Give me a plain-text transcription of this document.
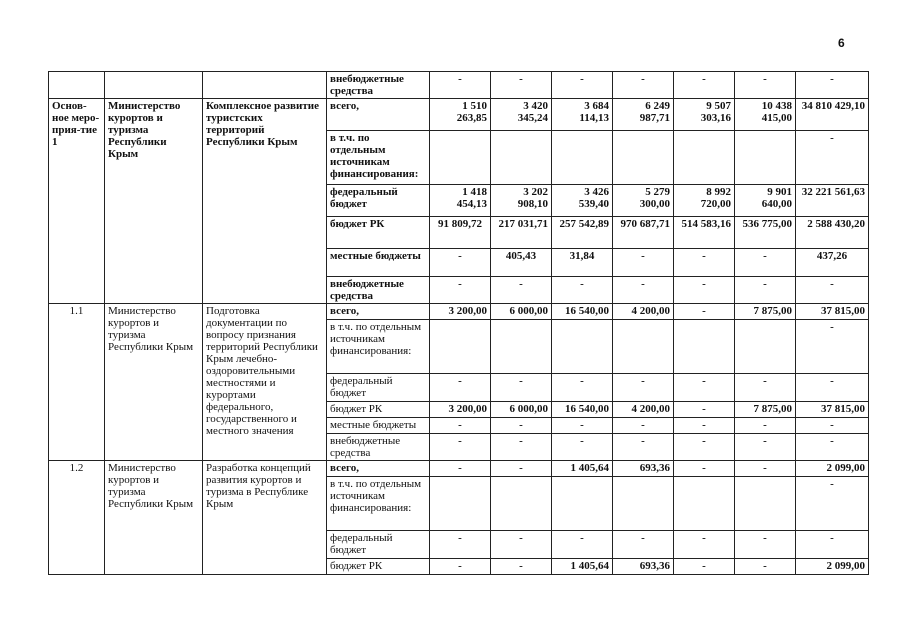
6
			внебюджетные средства	-	-	-	-	-	-	-
Основ-ное меро-прия-тие 1	Министерство курортов и туризма Республики Крым	Комплексное развитие туристских территорий Республики Крым	всего,	1 510 263,85	3 420 345,24	3 684 114,13	6 249 987,71	9 507 303,16	10 438 415,00	34 810 429,10
			в т.ч. по отдельным источникам финансирования:							-
			федеральный бюджет	1 418 454,13	3 202 908,10	3 426 539,40	5 279 300,00	8 992 720,00	9 901 640,00	32 221 561,63
			бюджет РК	91 809,72	217 031,71	257 542,89	970 687,71	514 583,16	536 775,00	2 588 430,20
			местные бюджеты	-	405,43	31,84	-	-	-	437,26
			внебюджетные средства	-	-	-	-	-	-	-
1.1	Министерство курортов и туризма Республики Крым	Подготовка документации по вопросу признания территорий Республики Крым лечебно-оздоровительными местностями и курортами федерального, государственного и местного значения	всего,	3 200,00	6 000,00	16 540,00	4 200,00	-	7 875,00	37 815,00
			в т.ч. по отдельным источникам финансирования:							-
			федеральный бюджет	-	-	-	-	-	-	-
			бюджет РК	3 200,00	6 000,00	16 540,00	4 200,00	-	7 875,00	37 815,00
			местные бюджеты	-	-	-	-	-	-	-
			внебюджетные средства	-	-	-	-	-	-	-
1.2	Министерство курортов и туризма Республики Крым	Разработка концепций развития курортов и туризма в Республике Крым	всего,	-	-	1 405,64	693,36	-	-	2 099,00
			в т.ч. по отдельным источникам финансирования:							-
			федеральный бюджет	-	-	-	-	-	-	-
			бюджет РК	-	-	1 405,64	693,36	-	-	2 099,00
